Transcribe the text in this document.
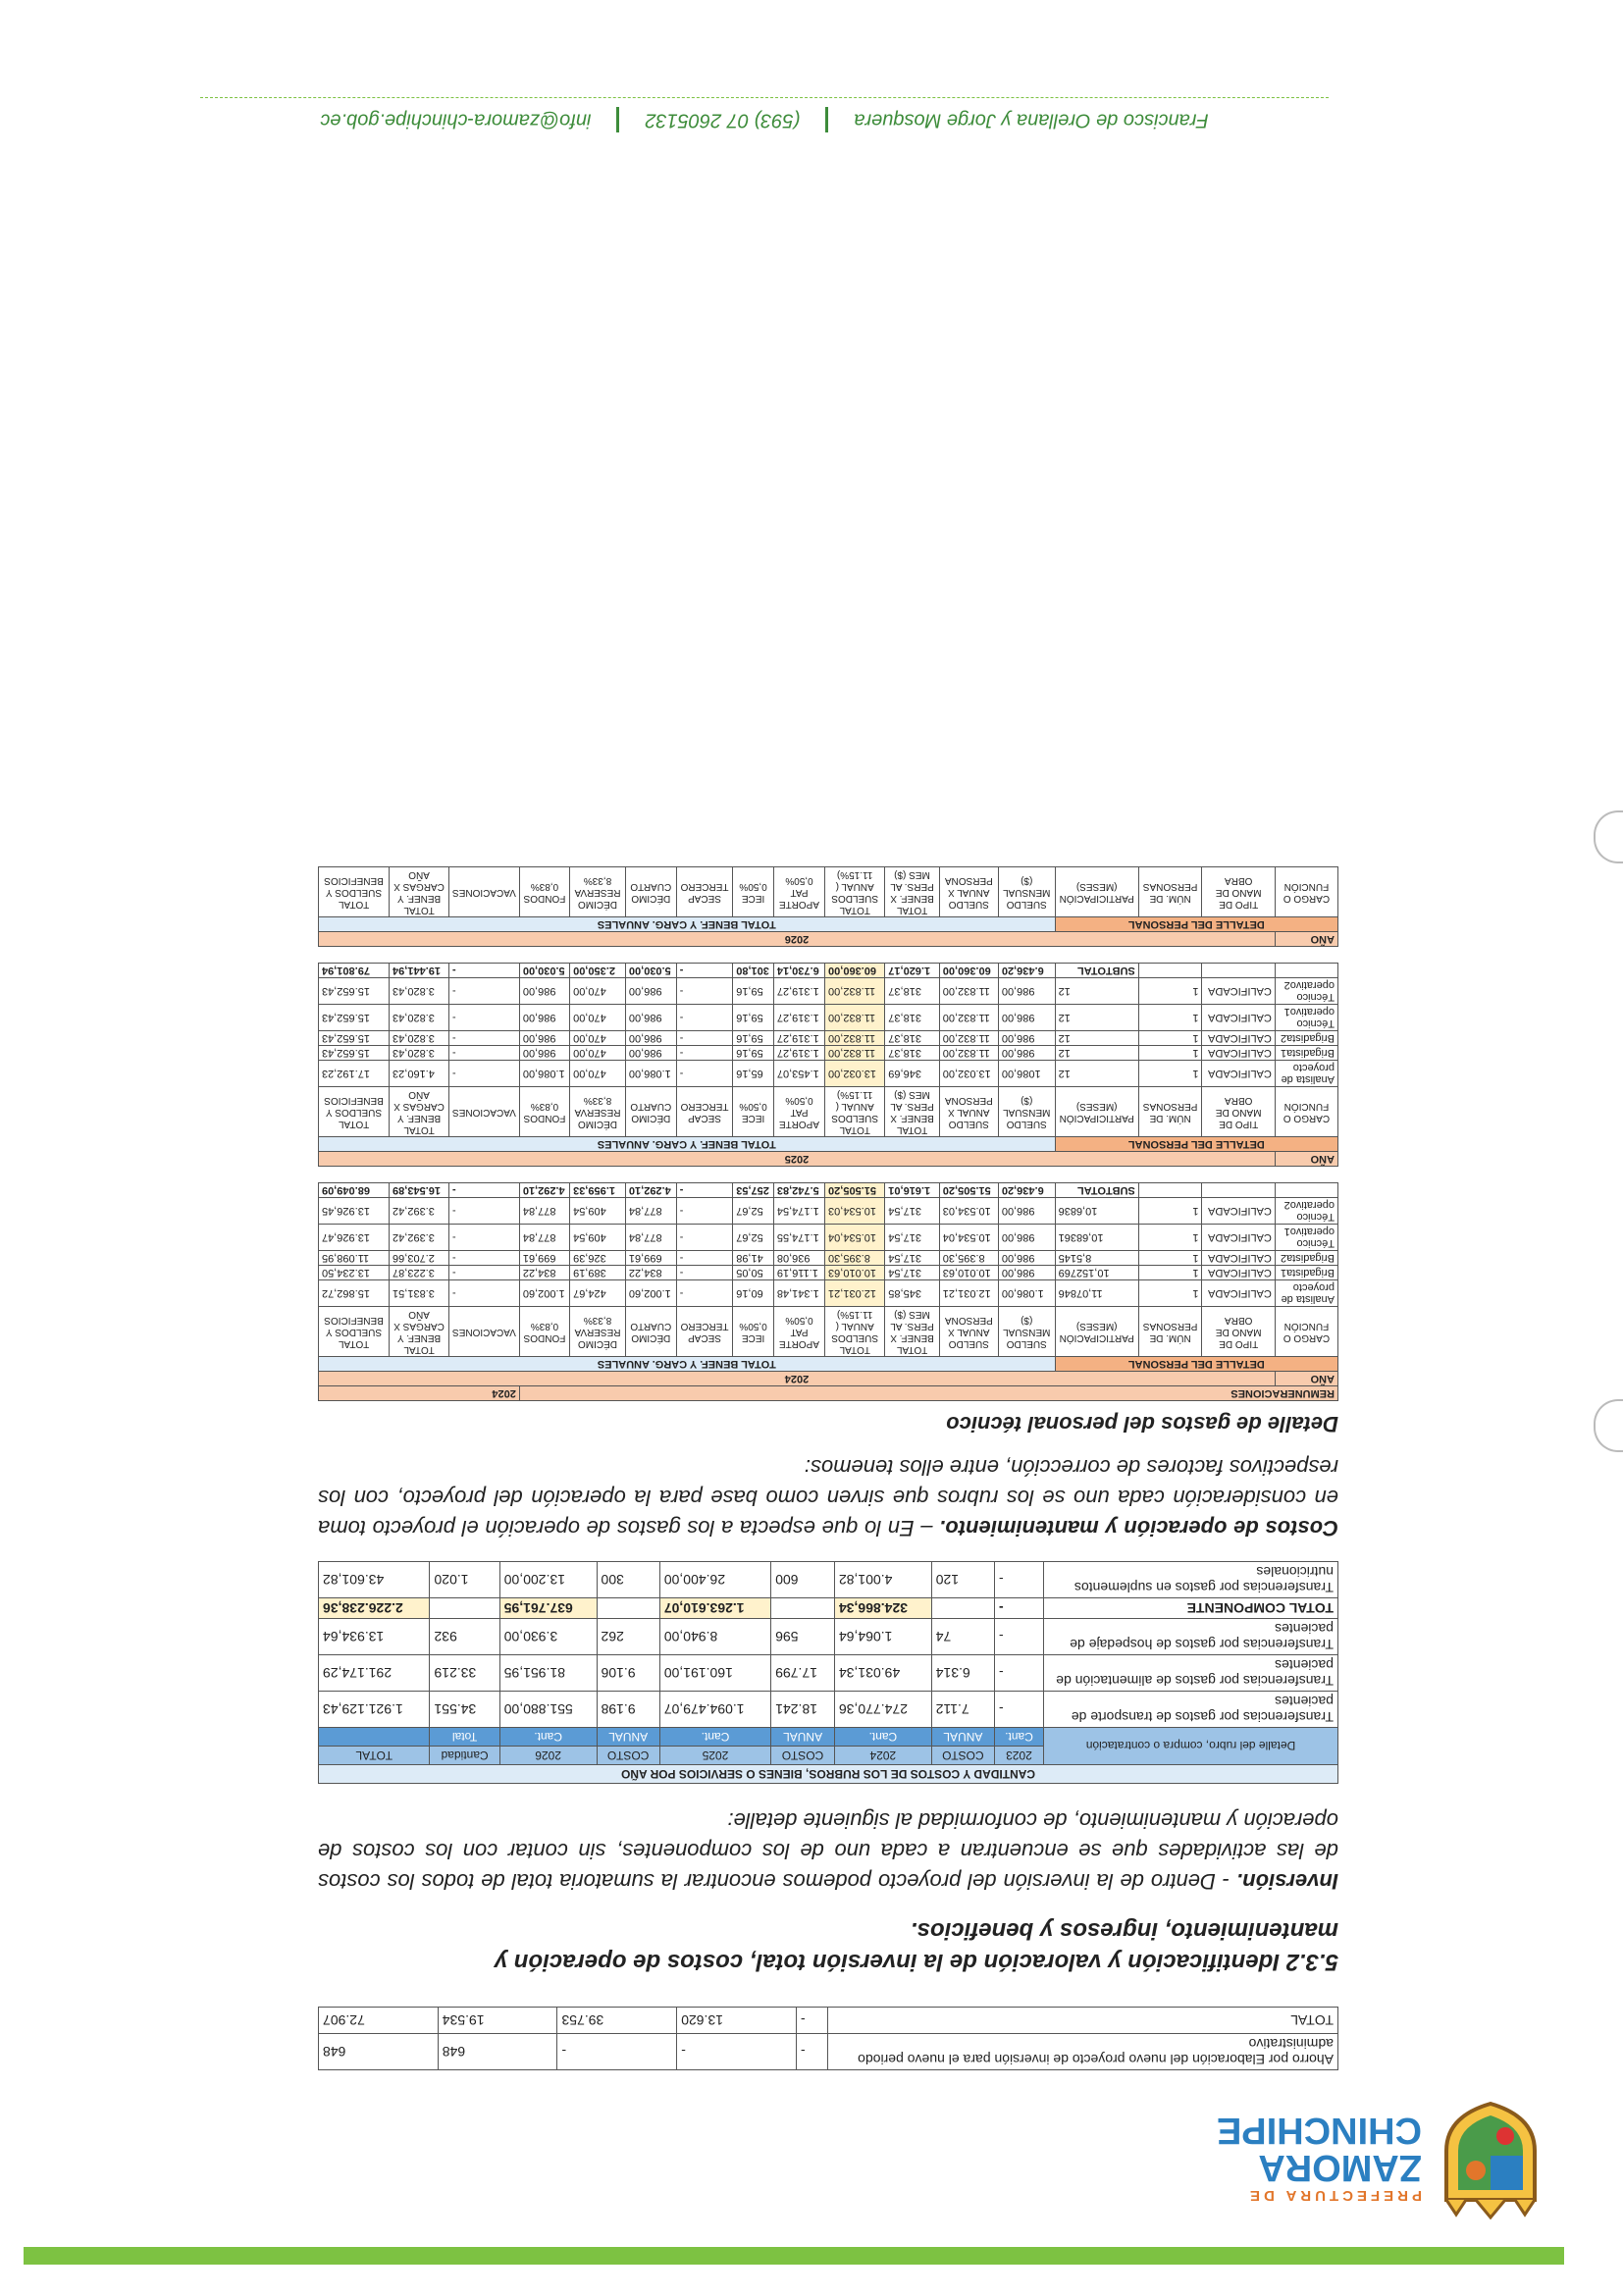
PREFECTURA DE
ZAMORA
CHINCHIPE
Ahorro por Elaboración del nuevo proyecto de inversión para el nuevo periodo administrativo	-	-	-	648	648
TOTAL	-	13.620	39.753	19.534	72.907

5.3.2 Identificación y valoración de la inversión total, costos de operación y mantenimiento, ingresos y beneficios.

Inversión. - Dentro de la inversión del proyecto podemos encontrar la sumatoria total de todos los costos de las actividades que se encuentran a cada uno de los componentes, sin contar con los costos de operación y mantenimiento, de conformidad al siguiente detalle:

CANTIDAD Y COSTOS DE LOS RUBROS, BIENES O SERVICIOS POR AÑO									
Detalle del rubro, compra o contratación	2023	COSTO	2024	COSTO	2025	COSTO	2026	Cantidad	TOTAL
	Cant.	ANUAL	Cant.	ANUAL	Cant.	ANUAL	Cant.	Total	
Transferencias por gastos de transporte de pacientes	-	7.112	274.770,36	18.241	1.094.479,07	9.198	551.880,00	34.551	1.921.129,43
Transferencias por gastos de alimentación de pacientes	-	6.314	49.031,34	17.799	160.191,00	9.106	81.951,95	33.219	291.174,29
Transferencias por gastos de hospedaje de pacientes	-	74	1.064,64	596	8.940,00	262	3.930,00	932	13.934,64
TOTAL COMPONENTE	-		324.866,34		1.263.610,07		637.761,95		2.226.238,36
Transferencias por gastos en suplementos nutricionales	-	120	4.001,82	600	26.400,00	300	13.200,00	1.020	43.601,82

Costos de operación y mantenimiento. – En lo que especta a los gastos de operación el proyecto toma en consideración cada uno se los rubros que sirven como base para la operación del proyecto, con los respectivos factores de corrección, entre ellos tenemos:

Detalle de gastos del personal técnico

REMUNERACIONES														2024		
AÑO	2024															
DETALLE DEL PERSONAL				TOTAL BENEF. Y CARG. ANUALES												
CARGO O FUNCIÓN	TIPO DE MANO DE OBRA	NÚM. DE PERSONAS	PARTICIPACIÓN (MESES)	SUELDO MENSUAL ($)	SUELDO ANUAL X PERSONA	TOTAL BENEF. X PERS. AL MES ($)	TOTAL SUELDOS ANUAL ( 11.15%)	APORTE PAT 0,50%	IECE 0,50%	SECAP TERCERO	DÉCIMO CUARTO	DÉCIMO RESERVA 8,33%	FONDOS 0,83%	VACACIONES	TOTAL BENEF. Y CARGAS X AÑO	TOTAL SUELDOS Y BENEFICIOS
Analista de proyecto	CALIFICADA	1	11,07846	1.086,00	12.031,21	345,85	12.031,21	1.341,48	60,16	-	1.002,60	424,67	1.002,60	-	3.831,51	15.862,72
Brigadista1	CALIFICADA	1	10,152769	986,00	10.010,63	317,54	10.010,63	1.116,19	50,05	-	834,22	389,19	834,22	-	3.223,87	13.234,50
Brigadista2	CALIFICADA	1	8,5145	986,00	8.395,30	317,54	8.395,30	936,08	41,98	-	699,61	326,39	699,61	-	2.703,66	11.098,95
Técnico operativo1	CALIFICADA	1	10,68361	986,00	10.534,04	317,54	10.534,04	1.174,55	52,67	-	877,84	409,54	877,84	-	3.392,42	13.926,47
Técnico operativo2	CALIFICADA	1	10,6836	986,00	10.534,03	317,54	10.534,03	1.174,54	52,67	-	877,84	409,54	877,84	-	3.392,42	13.926,45
			SUBTOTAL	6.436,20	51.505,20	1.616,01	51.505,20	5.742,83	257,53	-	4.292,10	1.959,33	4.292,10	-	16.543,89	68.049,09

AÑO	2025															
DETALLE DEL PERSONAL				TOTAL BENEF. Y CARG. ANUALES												
CARGO O FUNCIÓN	TIPO DE MANO DE OBRA	NÚM. DE PERSONAS	PARTICIPACIÓN (MESES)	SUELDO MENSUAL ($)	SUELDO ANUAL X PERSONA	TOTAL BENEF. X PERS. AL MES ($)	TOTAL SUELDOS ANUAL ( 11.15%)	APORTE PAT 0,50%	IECE 0,50%	SECAP TERCERO	DÉCIMO CUARTO	DÉCIMO RESERVA 8,33%	FONDOS 0,83%	VACACIONES	TOTAL BENEF. Y CARGAS X AÑO	TOTAL SUELDOS Y BENEFICIOS
Analista de proyecto	CALIFICADA	1	12	1086,00	13.032,00	346,69	13.032,00	1.453,07	65,16	-	1.086,00	470,00	1.086,00	-	4.160,23	17.192,23
Brigadista1	CALIFICADA	1	12	986,00	11.832,00	318,37	11.832,00	1.319,27	59,16	-	986,00	470,00	986,00	-	3.820,43	15.652,43
Brigadista2	CALIFICADA	1	12	986,00	11.832,00	318,37	11.832,00	1.319,27	59,16	-	986,00	470,00	986,00	-	3.820,43	15.652,43
Técnico operativo1	CALIFICADA	1	12	986,00	11.832,00	318,37	11.832,00	1.319,27	59,16	-	986,00	470,00	986,00	-	3.820,43	15.652,43
Técnico operativo2	CALIFICADA	1	12	986,00	11.832,00	318,37	11.832,00	1.319,27	59,16	-	986,00	470,00	986,00	-	3.820,43	15.652,43
			SUBTOTAL	6.436,20	60.360,00	1.620,17	60.360,00	6.730,14	301,80	-	5.030,00	2.350,00	5.030,00	-	19.441,94	79.801,94

AÑO	2026															
DETALLE DEL PERSONAL				TOTAL BENEF. Y CARG. ANUALES												
CARGO O FUNCIÓN	TIPO DE MANO DE OBRA	NÚM. DE PERSONAS	PARTICIPACIÓN (MESES)	SUELDO MENSUAL ($)	SUELDO ANUAL X PERSONA	TOTAL BENEF. X PERS. AL MES ($)	TOTAL SUELDOS ANUAL ( 11.15%)	APORTE PAT 0,50%	IECE 0,50%	SECAP TERCERO	DÉCIMO CUARTO	DÉCIMO RESERVA 8,33%	FONDOS 0,83%	VACACIONES	TOTAL BENEF. Y CARGAS X AÑO	TOTAL SUELDOS Y BENEFICIOS
Francisco de Orellana y Jorge Mosquera(593) 07 2605132info@zamora-chinchipe.gob.ec
